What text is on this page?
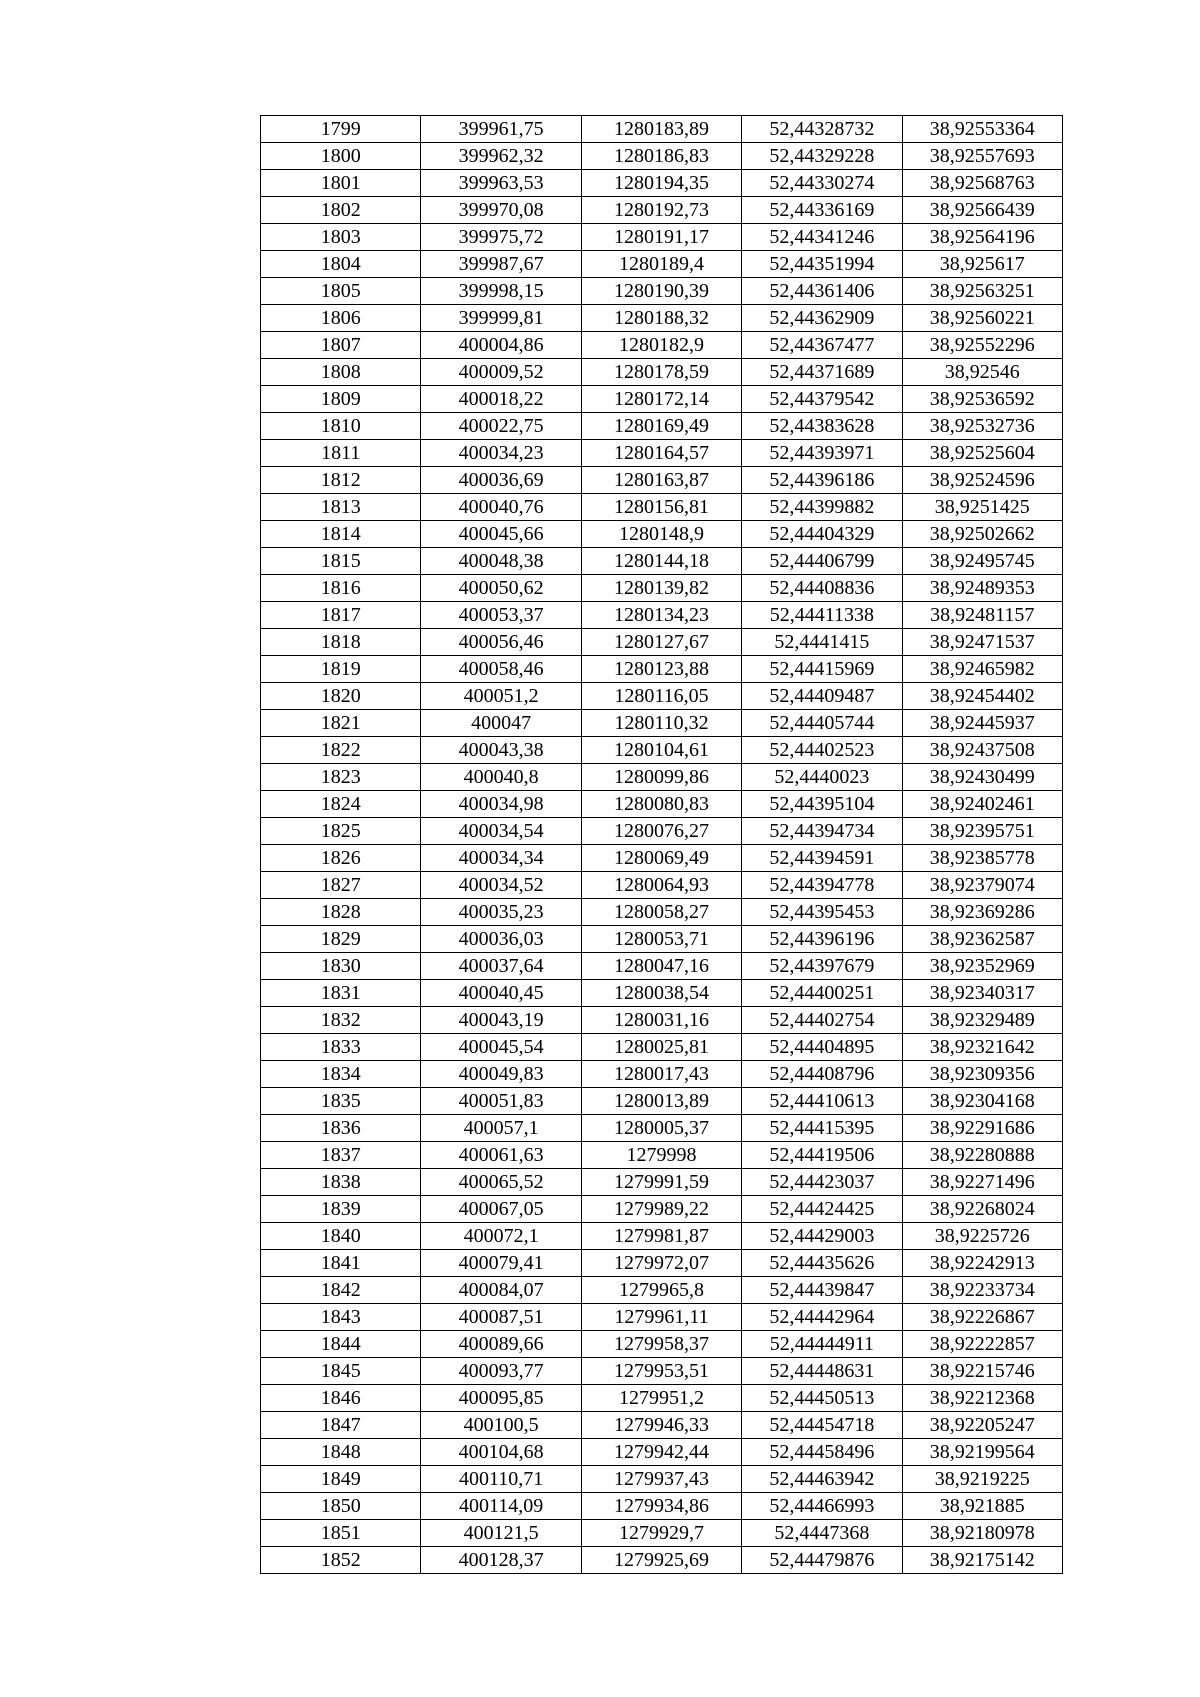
1799	399961,75	1280183,89	52,44328732	38,92553364
1800	399962,32	1280186,83	52,44329228	38,92557693
1801	399963,53	1280194,35	52,44330274	38,92568763
1802	399970,08	1280192,73	52,44336169	38,92566439
1803	399975,72	1280191,17	52,44341246	38,92564196
1804	399987,67	1280189,4	52,44351994	38,925617
1805	399998,15	1280190,39	52,44361406	38,92563251
1806	399999,81	1280188,32	52,44362909	38,92560221
1807	400004,86	1280182,9	52,44367477	38,92552296
1808	400009,52	1280178,59	52,44371689	38,92546
1809	400018,22	1280172,14	52,44379542	38,92536592
1810	400022,75	1280169,49	52,44383628	38,92532736
1811	400034,23	1280164,57	52,44393971	38,92525604
1812	400036,69	1280163,87	52,44396186	38,92524596
1813	400040,76	1280156,81	52,44399882	38,9251425
1814	400045,66	1280148,9	52,44404329	38,92502662
1815	400048,38	1280144,18	52,44406799	38,92495745
1816	400050,62	1280139,82	52,44408836	38,92489353
1817	400053,37	1280134,23	52,44411338	38,92481157
1818	400056,46	1280127,67	52,4441415	38,92471537
1819	400058,46	1280123,88	52,44415969	38,92465982
1820	400051,2	1280116,05	52,44409487	38,92454402
1821	400047	1280110,32	52,44405744	38,92445937
1822	400043,38	1280104,61	52,44402523	38,92437508
1823	400040,8	1280099,86	52,4440023	38,92430499
1824	400034,98	1280080,83	52,44395104	38,92402461
1825	400034,54	1280076,27	52,44394734	38,92395751
1826	400034,34	1280069,49	52,44394591	38,92385778
1827	400034,52	1280064,93	52,44394778	38,92379074
1828	400035,23	1280058,27	52,44395453	38,92369286
1829	400036,03	1280053,71	52,44396196	38,92362587
1830	400037,64	1280047,16	52,44397679	38,92352969
1831	400040,45	1280038,54	52,44400251	38,92340317
1832	400043,19	1280031,16	52,44402754	38,92329489
1833	400045,54	1280025,81	52,44404895	38,92321642
1834	400049,83	1280017,43	52,44408796	38,92309356
1835	400051,83	1280013,89	52,44410613	38,92304168
1836	400057,1	1280005,37	52,44415395	38,92291686
1837	400061,63	1279998	52,44419506	38,92280888
1838	400065,52	1279991,59	52,44423037	38,92271496
1839	400067,05	1279989,22	52,44424425	38,92268024
1840	400072,1	1279981,87	52,44429003	38,9225726
1841	400079,41	1279972,07	52,44435626	38,92242913
1842	400084,07	1279965,8	52,44439847	38,92233734
1843	400087,51	1279961,11	52,44442964	38,92226867
1844	400089,66	1279958,37	52,44444911	38,92222857
1845	400093,77	1279953,51	52,44448631	38,92215746
1846	400095,85	1279951,2	52,44450513	38,92212368
1847	400100,5	1279946,33	52,44454718	38,92205247
1848	400104,68	1279942,44	52,44458496	38,92199564
1849	400110,71	1279937,43	52,44463942	38,9219225
1850	400114,09	1279934,86	52,44466993	38,921885
1851	400121,5	1279929,7	52,4447368	38,92180978
1852	400128,37	1279925,69	52,44479876	38,92175142
